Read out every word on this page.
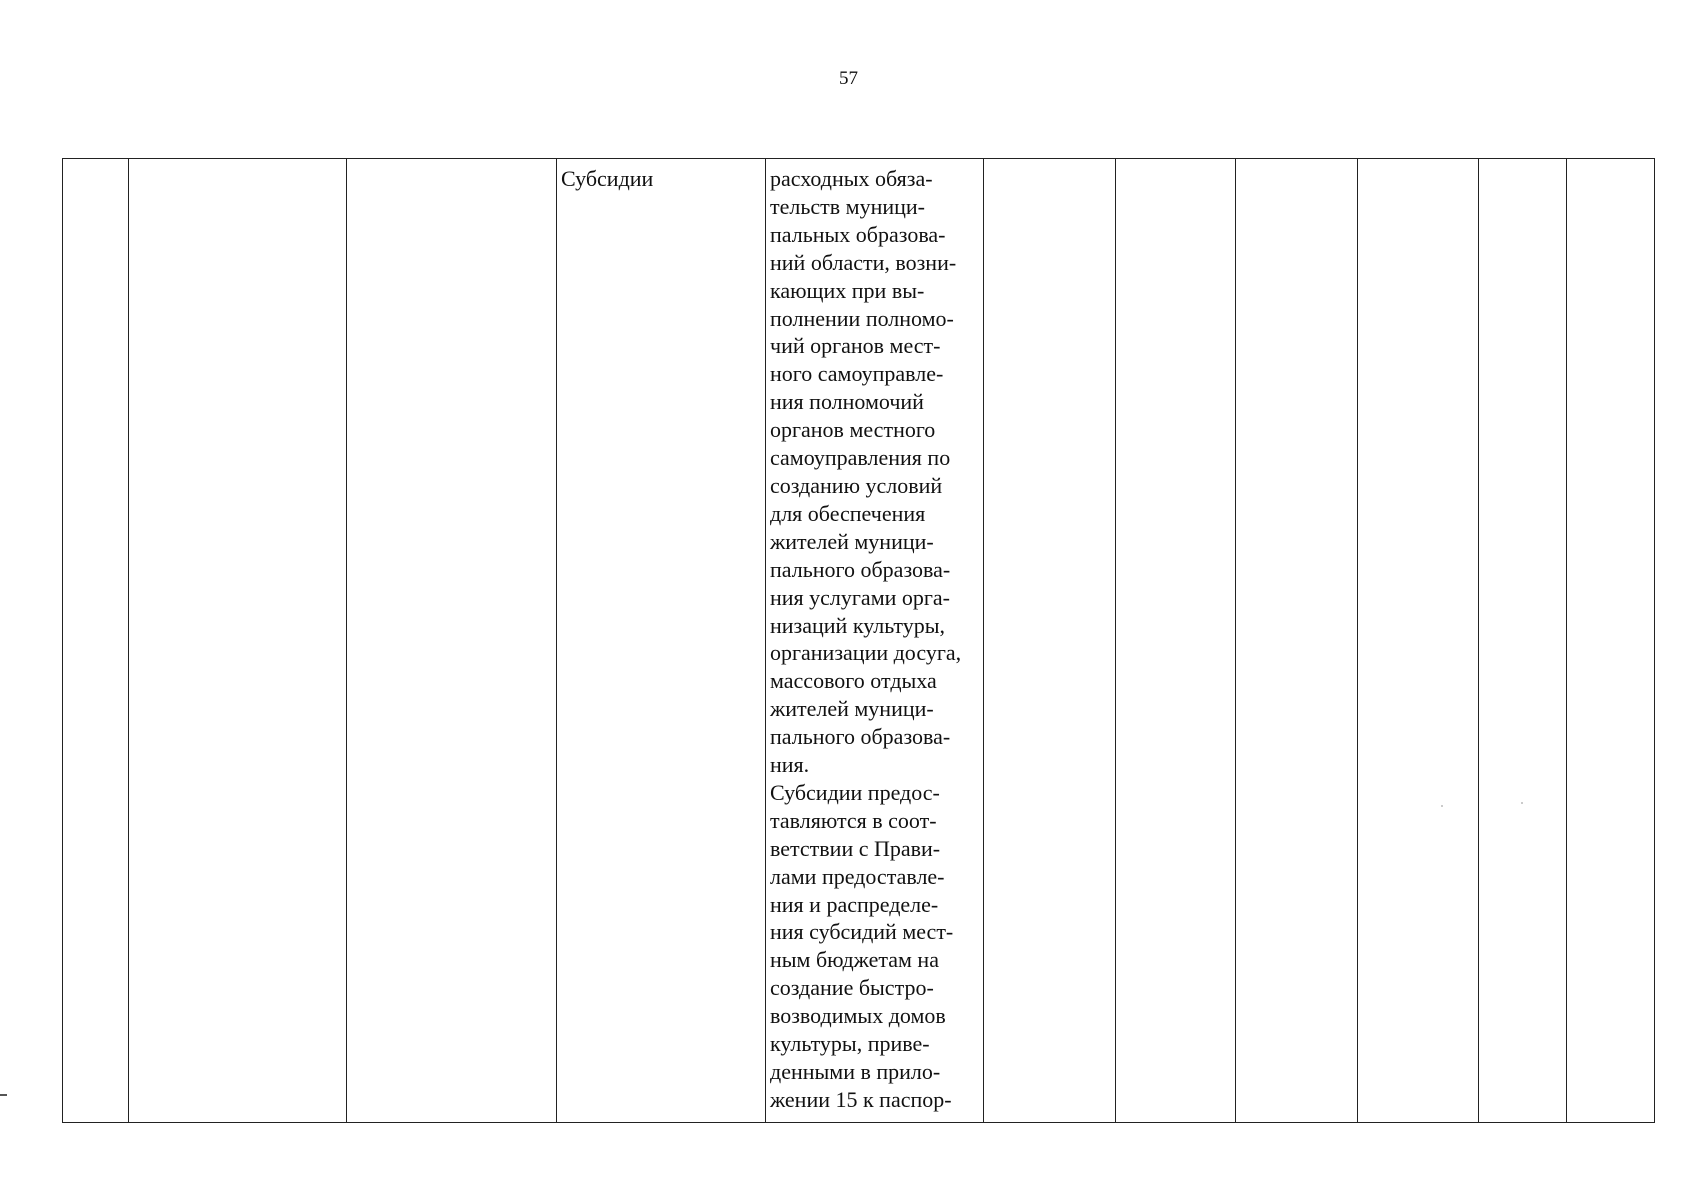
57

Субсидии	расходных обяза-
тельств муници-
пальных образова-
ний области, возни-
кающих при вы-
полнении полномо-
чий органов мест-
ного самоуправле-
ния полномочий
органов местного
самоуправления по
созданию условий
для обеспечения
жителей муници-
пального образова-
ния услугами орга-
низаций культуры,
организации досуга,
массового отдыха
жителей муници-
пального образова-
ния.
Субсидии предос-
тавляются в соот-
ветствии с Прави-
лами предоставле-
ния и распределе-
ния субсидий мест-
ным бюджетам на
создание быстро-
возводимых домов
культуры, приве-
денными в прило-
жении 15 к паспор-
